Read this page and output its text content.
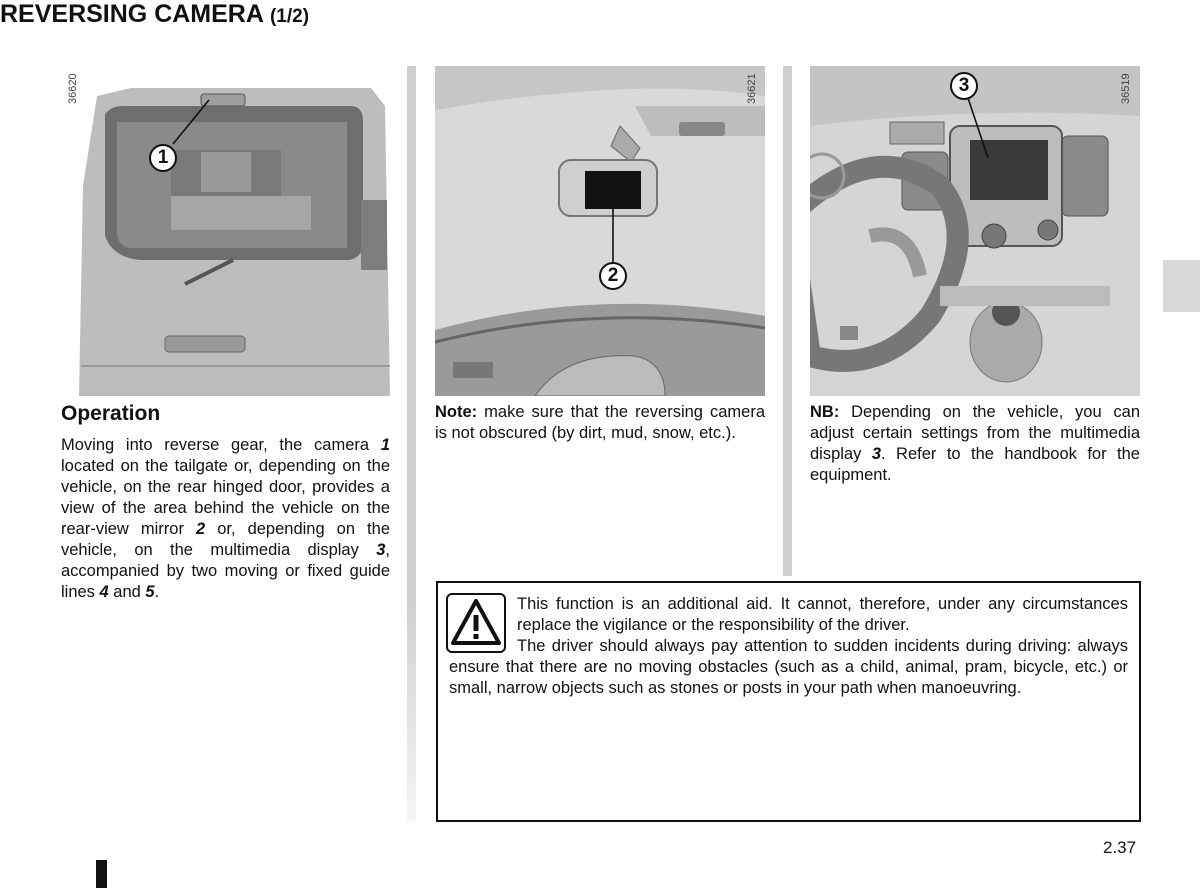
REVERSING CAMERA (1/2)
36620
1
36621
2
36519
3
Operation
Moving into reverse gear, the camera 1 located on the tailgate or, depending on the vehicle, on the rear hinged door, provides a view of the area behind the vehicle on the rear-view mirror 2 or, depending on the vehicle, on the multimedia display 3, accompanied by two moving or fixed guide lines 4 and 5.
Note: make sure that the reversing camera is not obscured (by dirt, mud, snow, etc.).
NB: Depending on the vehicle, you can adjust certain settings from the multimedia display 3. Refer to the handbook for the equipment.
This function is an additional aid. It cannot, therefore, under any circumstances replace the vigilance or the responsibility of the driver.
The driver should always pay attention to sudden incidents during driving: always ensure that there are no moving obstacles (such as a child, animal, pram, bicycle, etc.) or small, narrow objects such as stones or posts in your path when manoeuvring.
2.37
